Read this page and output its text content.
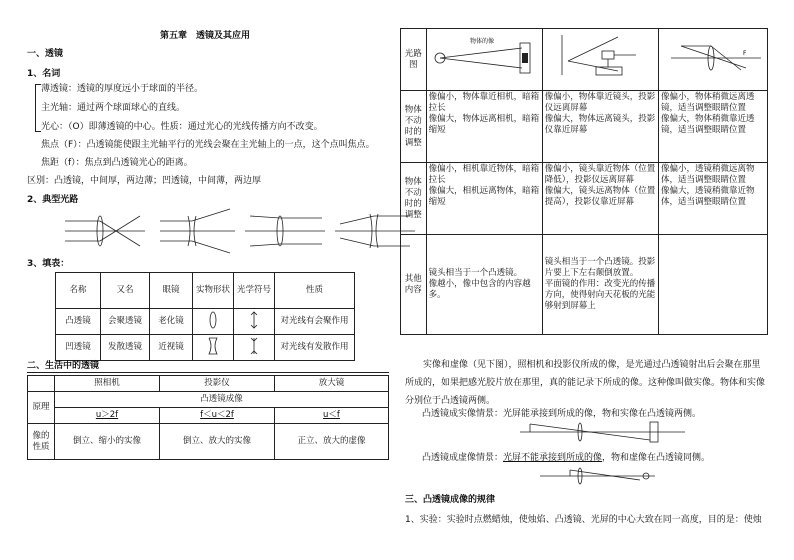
第五章　透镜及其应用
一、透镜
1、名词
薄透镜：透镜的厚度远小于球面的半径。
主光轴：通过两个球面球心的直线。
光心：（O）即薄透镜的中心。性质：通过光心的光线传播方向不改变。
焦点（F）：凸透镜能使跟主光轴平行的光线会聚在主光轴上的一点，这个点叫焦点。
焦距（f）：焦点到凸透镜光心的距离。
区别：凸透镜，中间厚，两边薄；凹透镜，中间薄，两边厚
2、典型光路
3、填表：
名称	又名	眼镜	实物形状	光学符号	性质
凸透镜	会聚透镜	老化镜			对光线有会聚作用
凹透镜	发散透镜	近视镜			对光线有发散作用
二、生活中的透镜
	照相机	投影仪	放大镜
原理	凸透镜成像		
	u＞2f	f＜u＜2f	u＜f
像的性质	倒立、缩小的实像	倒立、放大的实像	正立、放大的虚像
光路图	物体的像		F

物体不动时的调整	像偏小，物体靠近相机，暗箱拉长
像偏大，物体远离相机，暗箱缩短	像偏小，物体靠近镜头，投影仪远离屏幕
像偏大，物体远离镜头，投影仪靠近屏幕	像偏小，物体稍微远离透镜，适当调整眼睛位置
像偏大，物体稍微靠近透镜，适当调整眼睛位置
物体不动时的调整	像偏小，相机靠近物体，暗箱拉长
像偏大，相机远离物体，暗箱缩短	像偏小，镜头靠近物体（位置降低），投影仪远离屏幕
像偏大，镜头远离物体（位置提高），投影仪靠近屏幕	像偏小，透镜稍微远离物体，适当调整眼睛位置
像偏大，透镜稍微靠近物体，适当调整眼睛位置
其他内容	镜头相当于一个凸透镜。
像越小，像中包含的内容越多。	镜头相当于一个凸透镜。投影片要上下左右颠倒放置。
平面镜的作用：改变光的传播方向，使得射向天花板的光能够射到屏幕上	
实像和虚像（见下图），照相机和投影仪所成的像，是光通过凸透镜射出后会聚在那里所成的，如果把感光胶片放在那里，真的能记录下所成的像。这种像叫做实像。物体和实像分别位于凸透镜两侧。
凸透镜成实像情景：光屏能承接到所成的像，物和实像在凸透镜两侧。
凸透镜成虚像情景：光屏不能承接到所成的像，物和虚像在凸透镜同侧。
三、凸透镜成像的规律
1、实验：实验时点燃蜡烛，使烛焰、凸透镜、光屏的中心大致在同一高度，目的是：使烛
